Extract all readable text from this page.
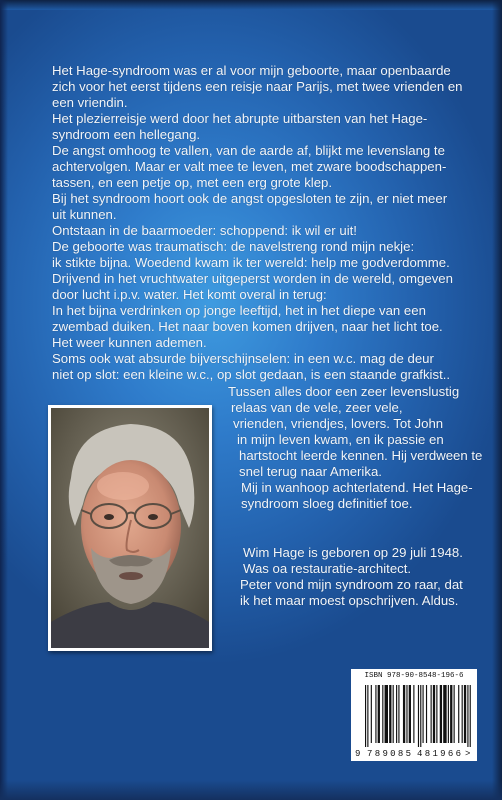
Het Hage-syndroom was er al voor mijn geboorte, maar openbaarde
zich voor het eerst tijdens een reisje naar Parijs, met twee vrienden en
een vriendin.
Het plezierreisje werd door het abrupte uitbarsten van het Hage-
syndroom een hellegang.
De angst omhoog te vallen, van de aarde af, blijkt me levenslang te
achtervolgen. Maar er valt mee te leven, met zware boodschappen-
tassen, en een petje op, met een erg grote klep.
Bij het syndroom hoort ook de angst opgesloten te zijn, er niet meer
uit kunnen.
Ontstaan in de baarmoeder: schoppend: ik wil er uit!
De geboorte was traumatisch: de navelstreng rond mijn nekje:
ik stikte bijna. Woedend kwam ik ter wereld: help me godverdomme.
Drijvend in het vruchtwater uitgeperst worden in de wereld, omgeven
door lucht i.p.v. water. Het komt overal in terug:
In het bijna verdrinken op jonge leeftijd, het in het diepe van een
zwembad duiken. Het naar boven komen drijven, naar het licht toe.
Het weer kunnen ademen.
Soms ook wat absurde bijverschijnselen: in een w.c. mag de deur
niet op slot: een kleine w.c., op slot gedaan, is een staande grafkist..
Tussen alles door een zeer levenslustig
relaas van de vele, zeer vele,
vrienden, vriendjes, lovers. Tot John
in mijn leven kwam, en ik passie en
hartstocht leerde kennen. Hij verdween te
snel terug naar Amerika.
Mij in wanhoop achterlatend. Het Hage-
syndroom sloeg definitief toe.
Wim Hage is geboren op 29 juli 1948.
Was oa restauratie-architect.
Peter vond mijn syndroom zo raar, dat
ik het maar moest opschrijven. Aldus.
ISBN 978-90-8548-196-6
9 789085 481966 >
